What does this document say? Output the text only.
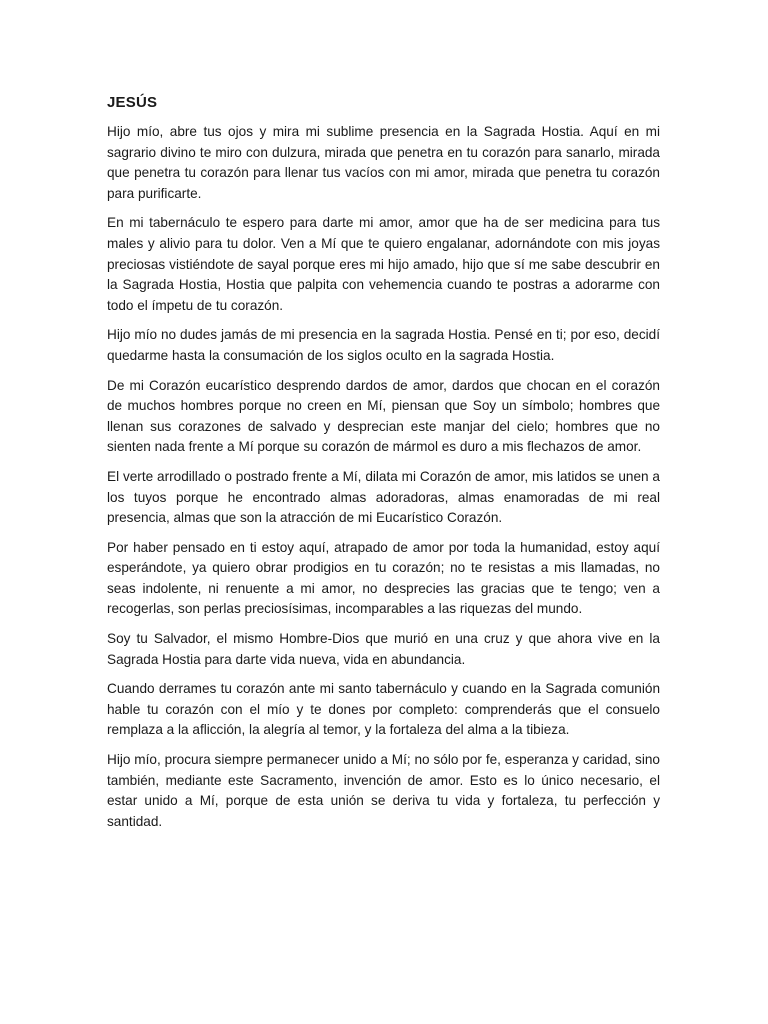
JESÚS

Hijo mío, abre tus ojos y mira mi sublime presencia en la Sagrada Hostia. Aquí en mi sagrario divino te miro con dulzura, mirada que penetra en tu corazón para sanarlo, mirada que penetra tu corazón para llenar tus vacíos con mi amor, mirada que penetra tu corazón para purificarte.

En mi tabernáculo te espero para darte mi amor, amor que ha de ser medicina para tus males y alivio para tu dolor. Ven a Mí que te quiero engalanar, adornándote con mis joyas preciosas vistiéndote de sayal porque eres mi hijo amado, hijo que sí me sabe descubrir en la Sagrada Hostia, Hostia que palpita con vehemencia cuando te postras a adorarme con todo el ímpetu de tu corazón.

Hijo mío no dudes jamás de mi presencia en la sagrada Hostia. Pensé en ti; por eso, decidí quedarme hasta la consumación de los siglos oculto en la sagrada Hostia.

De mi Corazón eucarístico desprendo dardos de amor, dardos que chocan en el corazón de muchos hombres porque no creen en Mí, piensan que Soy un símbolo; hombres que llenan sus corazones de salvado y desprecian este manjar del cielo; hombres que no sienten nada frente a Mí porque su corazón de mármol es duro a mis flechazos de amor.

El verte arrodillado o postrado frente a Mí, dilata mi Corazón de amor, mis latidos se unen a los tuyos porque he encontrado almas adoradoras, almas enamoradas de mi real presencia, almas que son la atracción de mi Eucarístico Corazón.

Por haber pensado en ti estoy aquí, atrapado de amor por toda la humanidad, estoy aquí esperándote, ya quiero obrar prodigios en tu corazón; no te resistas a mis llamadas, no seas indolente, ni renuente a mi amor, no desprecies las gracias que te tengo; ven a recogerlas, son perlas preciosísimas, incomparables a las riquezas del mundo.

Soy tu Salvador, el mismo Hombre-Dios que murió en una cruz y que ahora vive en la Sagrada Hostia para darte vida nueva, vida en abundancia.

Cuando derrames tu corazón ante mi santo tabernáculo y cuando en la Sagrada comunión hable tu corazón con el mío y te dones por completo: comprenderás que el consuelo remplaza a la aflicción, la alegría al temor, y la fortaleza del alma a la tibieza.

Hijo mío, procura siempre permanecer unido a Mí; no sólo por fe, esperanza y caridad, sino también, mediante este Sacramento, invención de amor. Esto es lo único necesario, el estar unido a Mí, porque de esta unión se deriva tu vida y fortaleza, tu perfección y santidad.
